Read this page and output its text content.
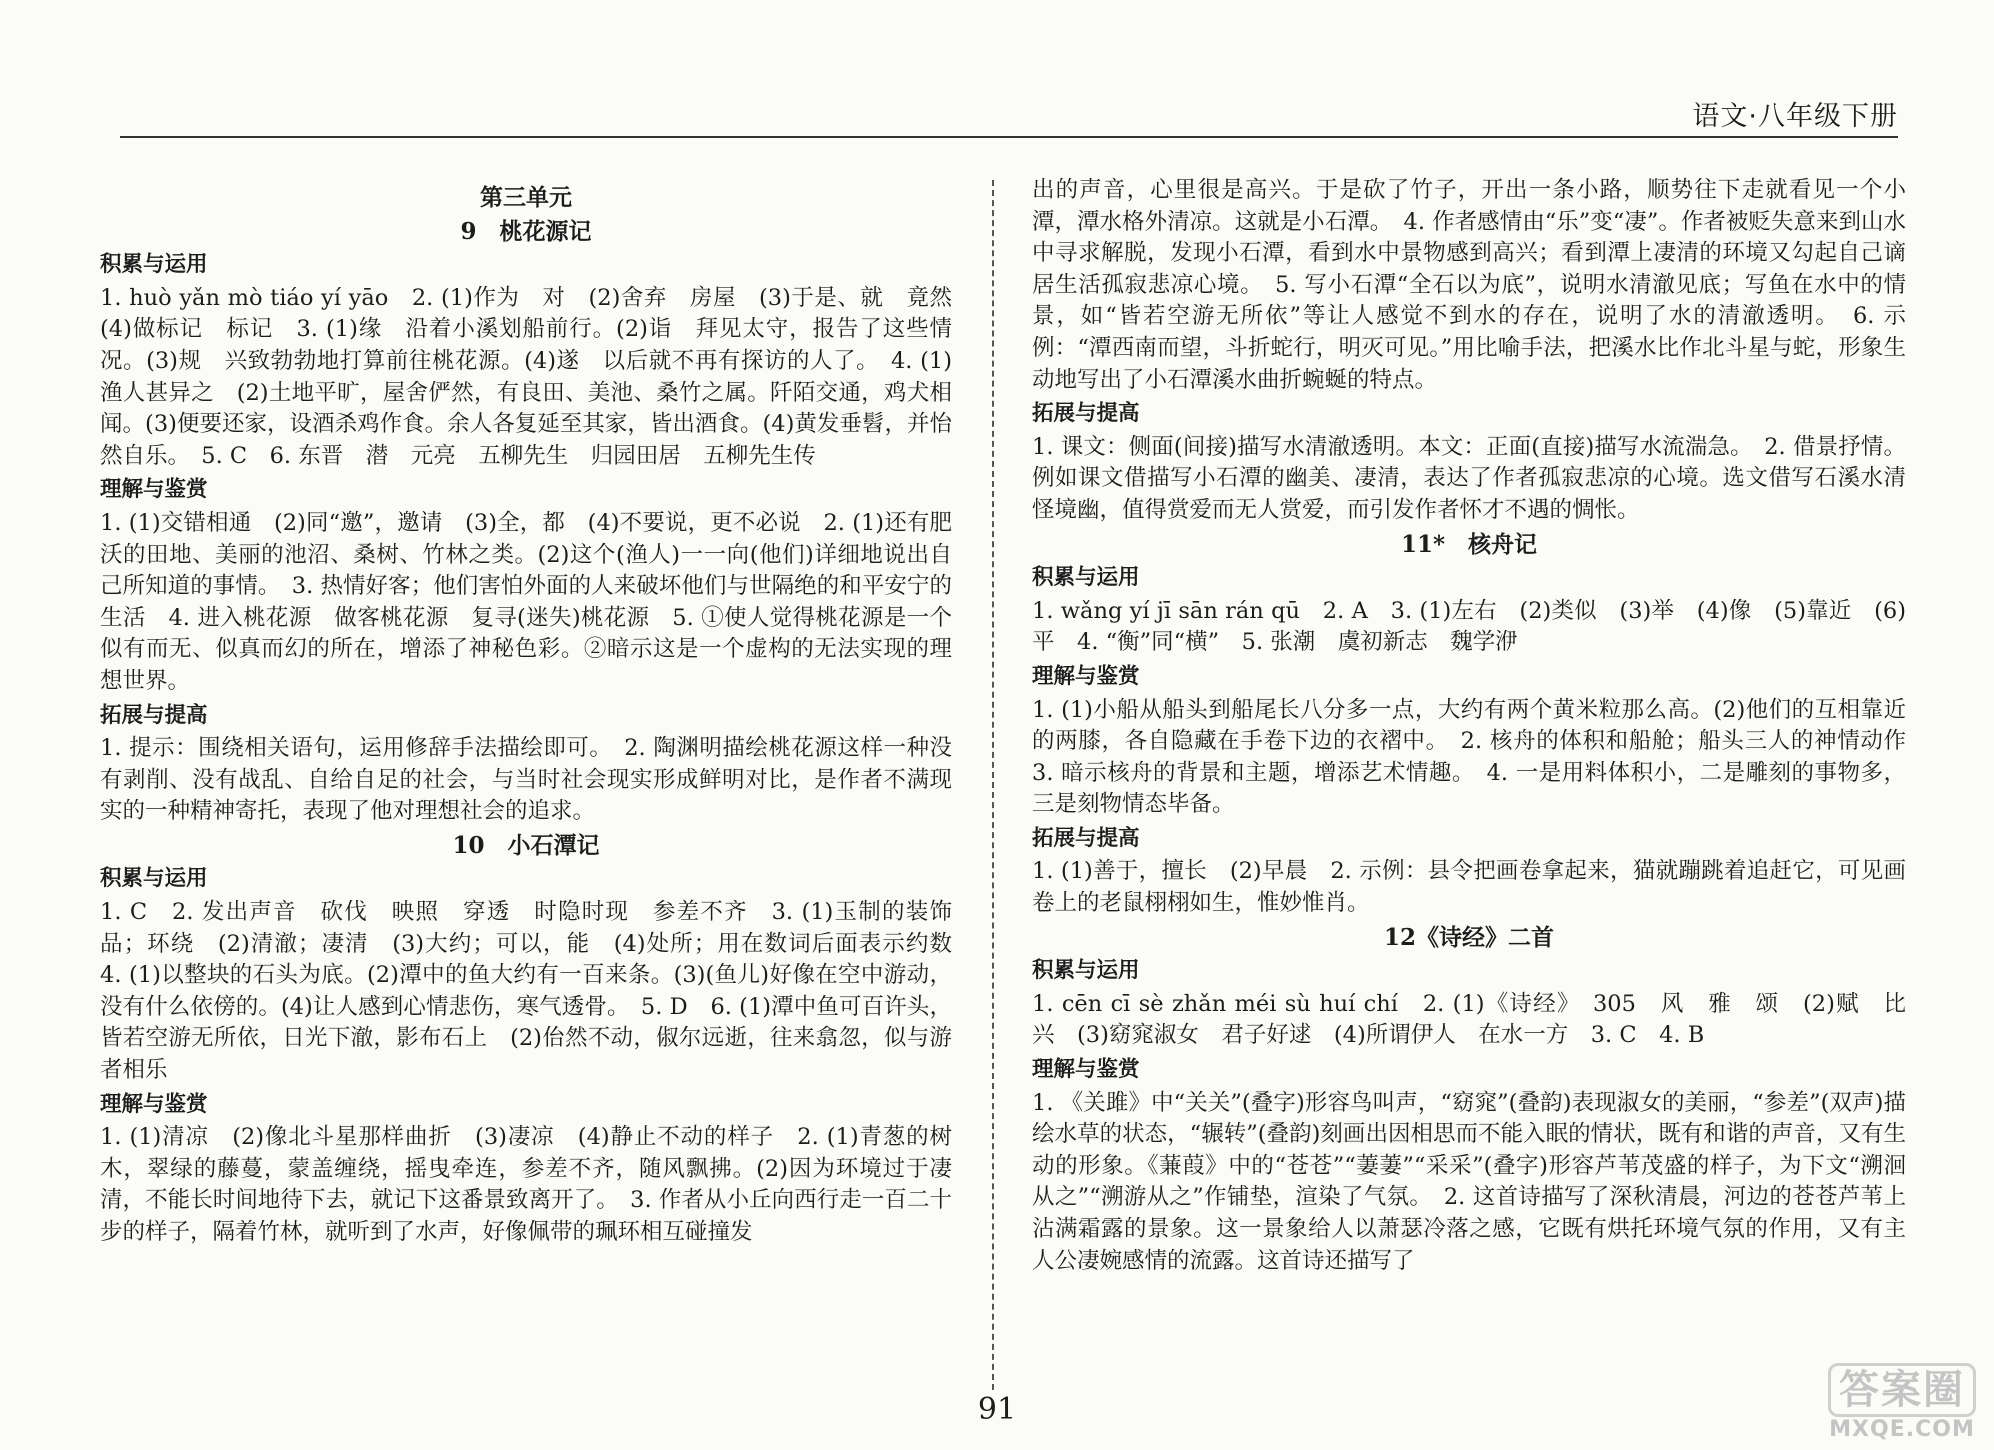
语文·八年级下册
第三单元
9　桃花源记
积累与运用
1. huò yǎn mò tiáo yí yāo　2. (1)作为　对　(2)舍弃　房屋　(3)于是、就　竟然　(4)做标记　标记　3. (1)缘　沿着小溪划船前行。(2)诣　拜见太守，报告了这些情况。(3)规　兴致勃勃地打算前往桃花源。(4)遂　以后就不再有探访的人了。　4. (1)渔人甚异之　(2)土地平旷，屋舍俨然，有良田、美池、桑竹之属。阡陌交通，鸡犬相闻。(3)便要还家，设酒杀鸡作食。余人各复延至其家，皆出酒食。(4)黄发垂髫，并怡然自乐。　5. C　6. 东晋　潜　元亮　五柳先生　归园田居　五柳先生传
理解与鉴赏
1. (1)交错相通　(2)同“邀”，邀请　(3)全，都　(4)不要说，更不必说　2. (1)还有肥沃的田地、美丽的池沼、桑树、竹林之类。(2)这个(渔人)一一向(他们)详细地说出自己所知道的事情。　3. 热情好客；他们害怕外面的人来破坏他们与世隔绝的和平安宁的生活　4. 进入桃花源　做客桃花源　复寻(迷失)桃花源　5. ①使人觉得桃花源是一个似有而无、似真而幻的所在，增添了神秘色彩。②暗示这是一个虚构的无法实现的理想世界。
拓展与提高
1. 提示：围绕相关语句，运用修辞手法描绘即可。　2. 陶渊明描绘桃花源这样一种没有剥削、没有战乱、自给自足的社会，与当时社会现实形成鲜明对比，是作者不满现实的一种精神寄托，表现了他对理想社会的追求。
10　小石潭记
积累与运用
1. C　2. 发出声音　砍伐　映照　穿透　时隐时现　参差不齐　3. (1)玉制的装饰品；环绕　(2)清澈；凄清　(3)大约；可以，能　(4)处所；用在数词后面表示约数　4. (1)以整块的石头为底。(2)潭中的鱼大约有一百来条。(3)(鱼儿)好像在空中游动，没有什么依傍的。(4)让人感到心情悲伤，寒气透骨。　5. D　6. (1)潭中鱼可百许头，皆若空游无所依，日光下澈，影布石上　(2)佁然不动，俶尔远逝，往来翕忽，似与游者相乐
理解与鉴赏
1. (1)清凉　(2)像北斗星那样曲折　(3)凄凉　(4)静止不动的样子　2. (1)青葱的树木，翠绿的藤蔓，蒙盖缠绕，摇曳牵连，参差不齐，随风飘拂。(2)因为环境过于凄清，不能长时间地待下去，就记下这番景致离开了。　3. 作者从小丘向西行走一百二十步的样子，隔着竹林，就听到了水声，好像佩带的珮环相互碰撞发
出的声音，心里很是高兴。于是砍了竹子，开出一条小路，顺势往下走就看见一个小潭，潭水格外清凉。这就是小石潭。　4. 作者感情由“乐”变“凄”。作者被贬失意来到山水中寻求解脱，发现小石潭，看到水中景物感到高兴；看到潭上凄清的环境又勾起自己谪居生活孤寂悲凉心境。　5. 写小石潭“全石以为底”，说明水清澈见底；写鱼在水中的情景，如“皆若空游无所依”等让人感觉不到水的存在，说明了水的清澈透明。　6. 示例：“潭西南而望，斗折蛇行，明灭可见。”用比喻手法，把溪水比作北斗星与蛇，形象生动地写出了小石潭溪水曲折蜿蜒的特点。
拓展与提高
1. 课文：侧面(间接)描写水清澈透明。本文：正面(直接)描写水流湍急。　2. 借景抒情。例如课文借描写小石潭的幽美、凄清，表达了作者孤寂悲凉的心境。选文借写石溪水清怪境幽，值得赏爱而无人赏爱，而引发作者怀才不遇的惆怅。
11*　核舟记
积累与运用
1. wǎng yí jī sān rán qū　2. A　3. (1)左右　(2)类似　(3)举　(4)像　(5)靠近　(6)平　4. “衡”同“横”　5. 张潮　虞初新志　魏学洢
理解与鉴赏
1. (1)小船从船头到船尾长八分多一点，大约有两个黄米粒那么高。(2)他们的互相靠近的两膝，各自隐藏在手卷下边的衣褶中。　2. 核舟的体积和船舱；船头三人的神情动作　3. 暗示核舟的背景和主题，增添艺术情趣。　4. 一是用料体积小，二是雕刻的事物多，三是刻物情态毕备。
拓展与提高
1. (1)善于，擅长　(2)早晨　2. 示例：县令把画卷拿起来，猫就蹦跳着追赶它，可见画卷上的老鼠栩栩如生，惟妙惟肖。
12《诗经》二首
积累与运用
1. cēn cī sè zhǎn méi sù huí chí　2. (1)《诗经》　305　风　雅　颂　(2)赋　比　兴　(3)窈窕淑女　君子好逑　(4)所谓伊人　在水一方　3. C　4. B
理解与鉴赏
1. 《关雎》中“关关”(叠字)形容鸟叫声，“窈窕”(叠韵)表现淑女的美丽，“参差”(双声)描绘水草的状态，“辗转”(叠韵)刻画出因相思而不能入眠的情状，既有和谐的声音，又有生动的形象。《蒹葭》中的“苍苍”“萋萋”“采采”(叠字)形容芦苇茂盛的样子，为下文“溯洄从之”“溯游从之”作铺垫，渲染了气氛。　2. 这首诗描写了深秋清晨，河边的苍苍芦苇上沾满霜露的景象。这一景象给人以萧瑟冷落之感，它既有烘托环境气氛的作用，又有主人公凄婉感情的流露。这首诗还描写了
91	答案圈
MXQE.COM
